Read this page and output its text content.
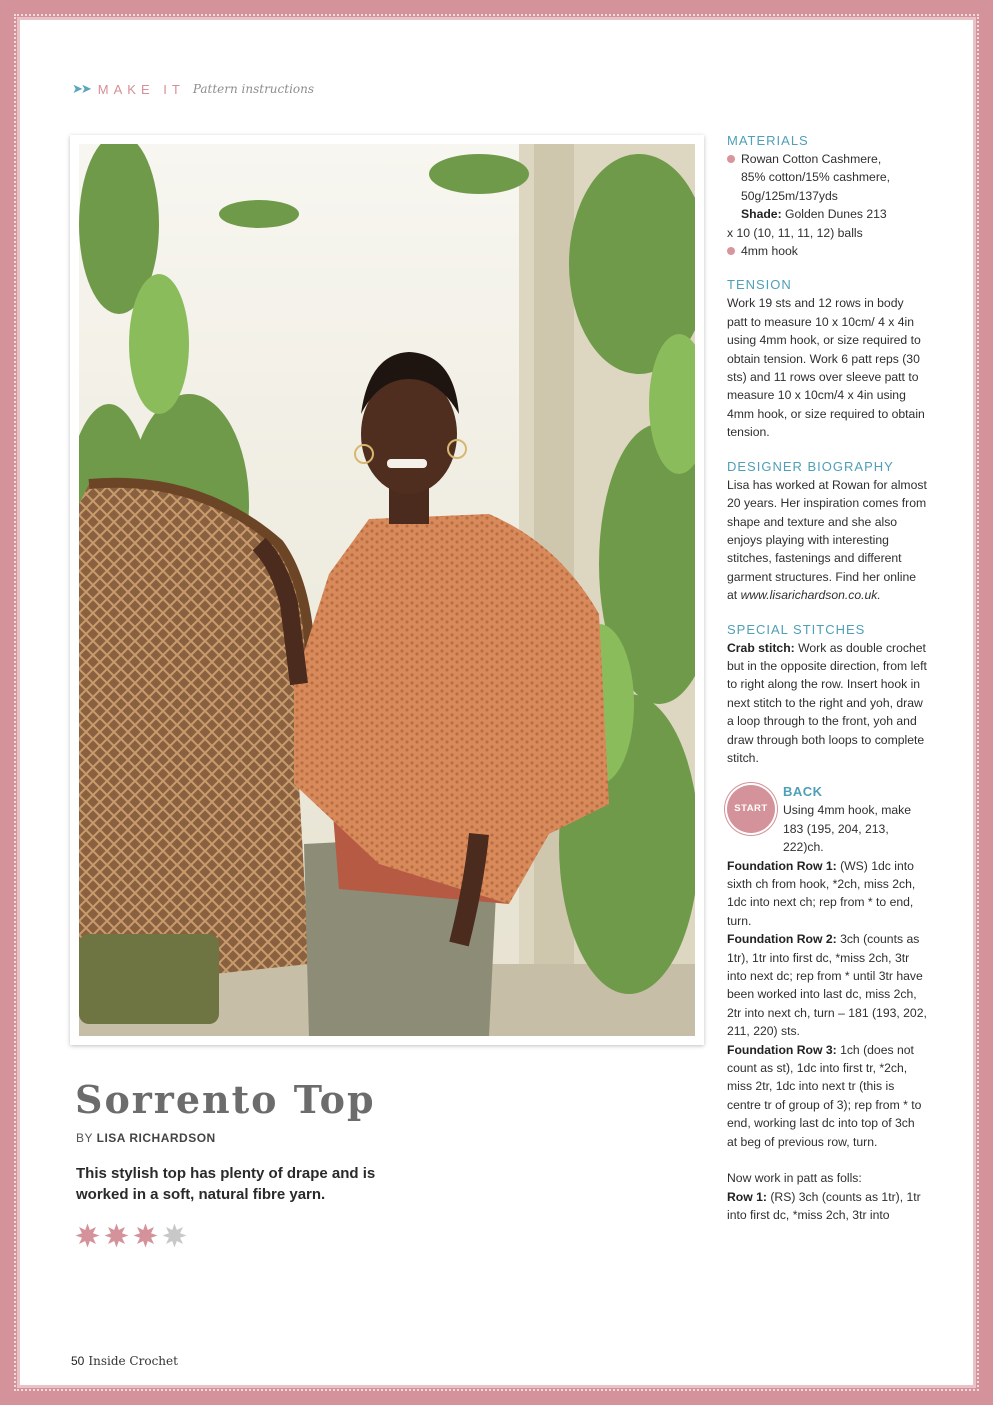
➤➤ MAKE IT Pattern instructions
Sorrento Top
BY LISA RICHARDSON

This stylish top has plenty of drape and is worked in a soft, natural fibre yarn.

50 Inside Crochet
MATERIALS
Rowan Cotton Cashmere,
85% cotton/15% cashmere,
50g/125m/137yds
Shade: Golden Dunes 213
x 10 (10, 11, 11, 12) balls
4mm hook
TENSION

Work 19 sts and 12 rows in body patt to measure 10 x 10cm/ 4 x 4in using 4mm hook, or size required to obtain tension. Work 6 patt reps (30 sts) and 11 rows over sleeve patt to measure 10 x 10cm/4 x 4in using 4mm hook, or size required to obtain tension.

DESIGNER BIOGRAPHY

Lisa has worked at Rowan for almost 20 years. Her inspiration comes from shape and texture and she also enjoys playing with interesting stitches, fastenings and different garment structures. Find her online at www.lisarichardson.co.uk.

SPECIAL STITCHES

Crab stitch: Work as double crochet but in the opposite direction, from left to right along the row. Insert hook in next stitch to the right and yoh, draw a loop through to the front, yoh and draw through both loops to complete stitch.

START
BACK
Using 4mm hook, make 183 (195, 204, 213, 222)ch.

Foundation Row 1: (WS) 1dc into sixth ch from hook, *2ch, miss 2ch, 1dc into next ch; rep from * to end, turn.

Foundation Row 2: 3ch (counts as 1tr), 1tr into first dc, *miss 2ch, 3tr into next dc; rep from * until 3tr have been worked into last dc, miss 2ch, 2tr into next ch, turn – 181 (193, 202, 211, 220) sts.

Foundation Row 3: 1ch (does not count as st), 1dc into first tr, *2ch, miss 2tr, 1dc into next tr (this is centre tr of group of 3); rep from * to end, working last dc into top of 3ch at beg of previous row, turn.

Now work in patt as folls:

Row 1: (RS) 3ch (counts as 1tr), 1tr into first dc, *miss 2ch, 3tr into
